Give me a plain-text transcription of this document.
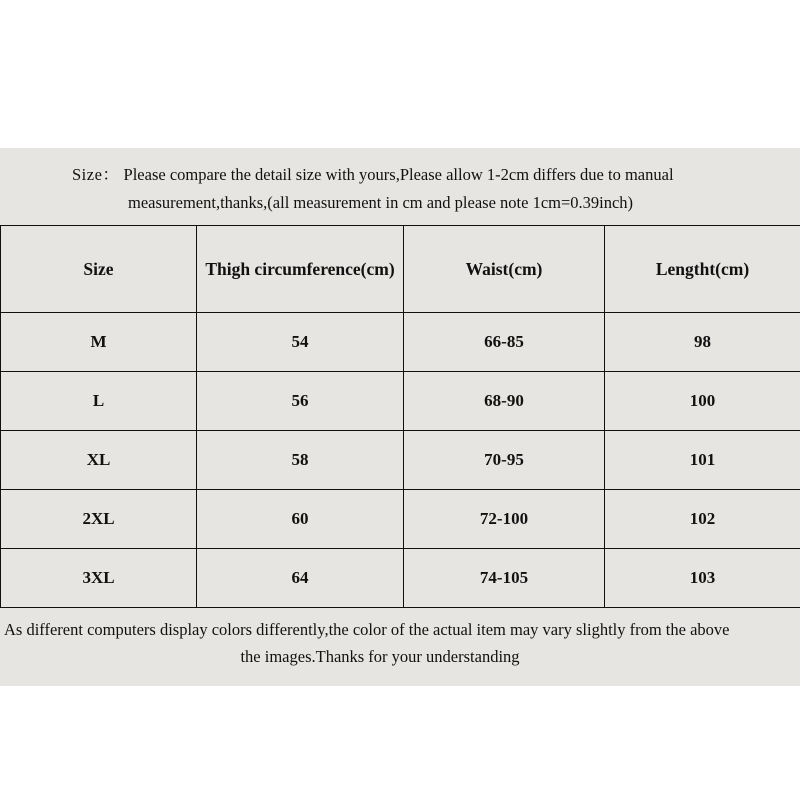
Size： Please compare the detail size with yours,Please allow 1-2cm differs due to manual
measurement,thanks,(all measurement in cm and please note 1cm=0.39inch)
Size	Thigh circumference(cm)	Waist(cm)	Lengtht(cm)
M	54	66-85	98
L	56	68-90	100
XL	58	70-95	101
2XL	60	72-100	102
3XL	64	74-105	103
As different computers display colors differently,the color of the actual item may vary slightly from the above
the images.Thanks for your understanding
